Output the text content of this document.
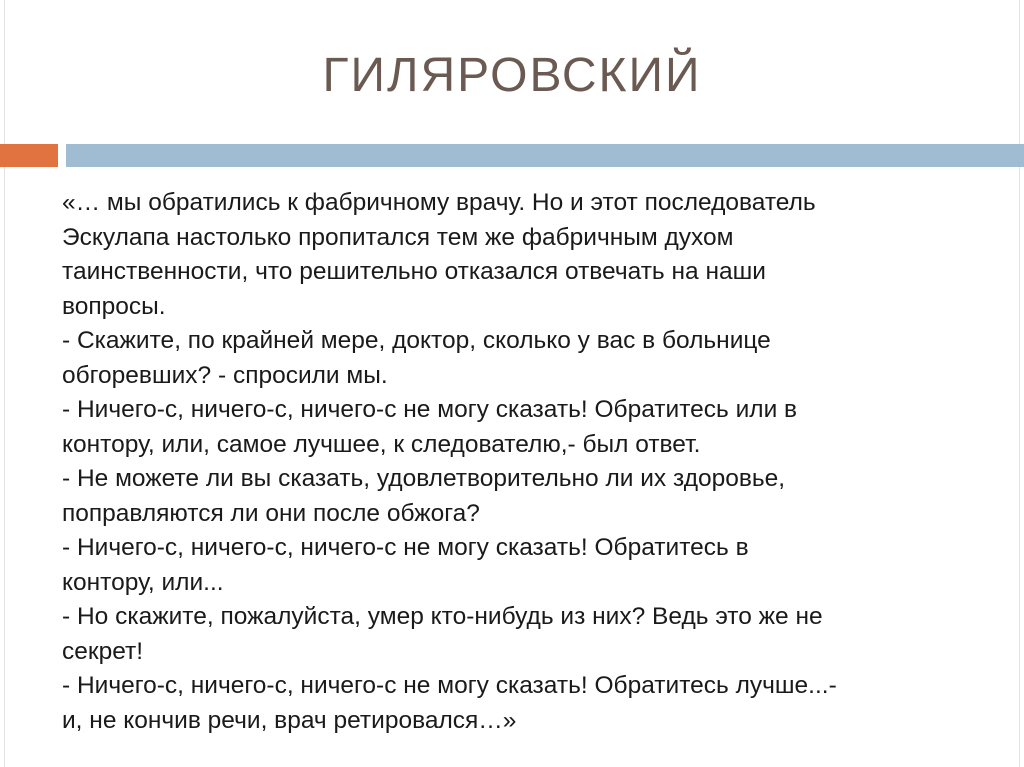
ГИЛЯРОВСКИЙ
«… мы обратились к фабричному врачу. Но и этот последователь
Эскулапа настолько пропитался тем же фабричным духом
таинственности, что решительно отказался отвечать на наши
вопросы.
- Скажите, по крайней мере, доктор, сколько у вас в больнице
обгоревших? - спросили мы.
- Ничего-с, ничего-с, ничего-с не могу сказать! Обратитесь или в
контору, или, самое лучшее, к следователю,- был ответ.
- Не можете ли вы сказать, удовлетворительно ли их здоровье,
поправляются ли они после обжога?
- Ничего-с, ничего-с, ничего-с не могу сказать! Обратитесь в
контору, или...
- Но скажите, пожалуйста, умер кто-нибудь из них? Ведь это же не
секрет!
- Ничего-с, ничего-с, ничего-с не могу сказать! Обратитесь лучше...-
и, не кончив речи, врач ретировался…»
